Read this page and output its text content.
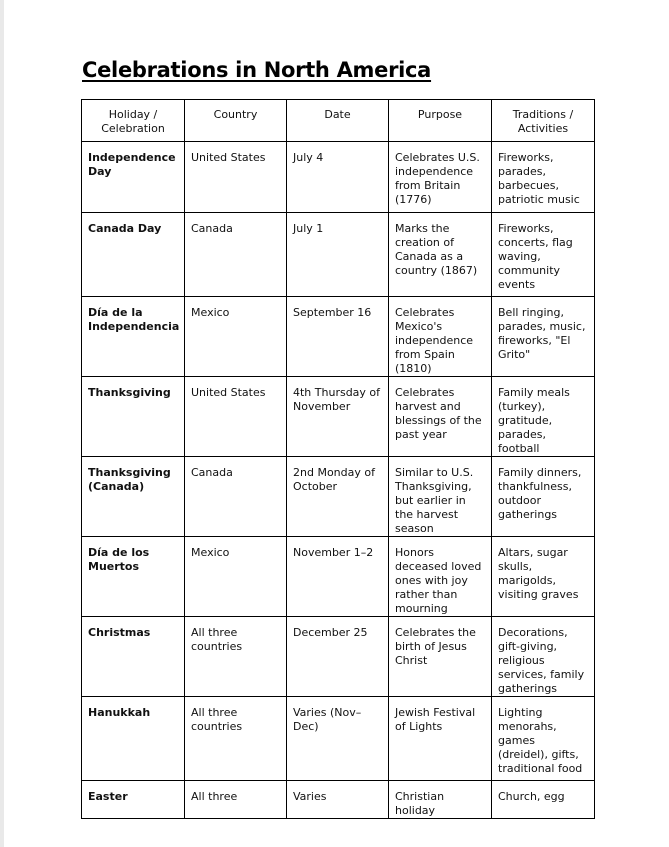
Celebrations in North America
Holiday / Celebration	Country	Date	Purpose	Traditions / Activities

Independence Day	United States	July 4	Celebrates U.S. independence from Britain (1776)	Fireworks, parades, barbecues, patriotic music
Canada Day	Canada	July 1	Marks the creation of Canada as a country (1867)	Fireworks, concerts, flag waving, community events
Día de la Independencia	Mexico	September 16	Celebrates Mexico's independence from Spain (1810)	Bell ringing, parades, music, fireworks, "El Grito"
Thanksgiving	United States	4th Thursday of November	Celebrates harvest and blessings of the past year	Family meals (turkey), gratitude, parades, football
Thanksgiving (Canada)	Canada	2nd Monday of October	Similar to U.S. Thanksgiving, but earlier in the harvest season	Family dinners, thankfulness, outdoor gatherings
Día de los Muertos	Mexico	November 1–2	Honors deceased loved ones with joy rather than mourning	Altars, sugar skulls, marigolds, visiting graves
Christmas	All three countries	December 25	Celebrates the birth of Jesus Christ	Decorations, gift-giving, religious services, family gatherings
Hanukkah	All three countries	Varies (Nov–Dec)	Jewish Festival of Lights	Lighting menorahs, games (dreidel), gifts, traditional food
Easter	All three	Varies	Christian holiday	Church, egg
